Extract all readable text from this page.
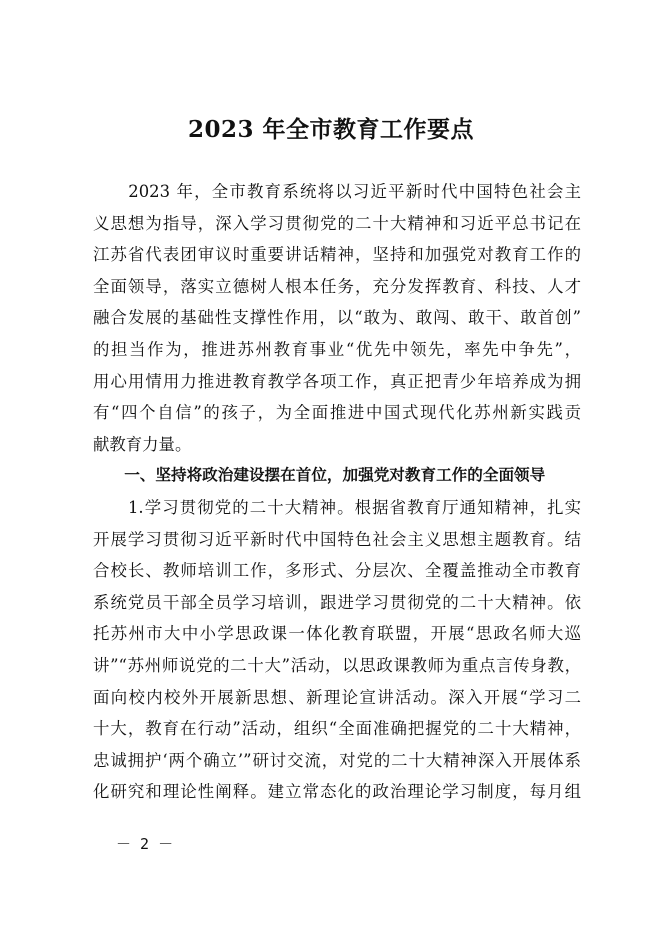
2023 年全市教育工作要点
　　2023 年，全市教育系统将以习近平新时代中国特色社会主
义思想为指导，深入学习贯彻党的二十大精神和习近平总书记在
江苏省代表团审议时重要讲话精神，坚持和加强党对教育工作的
全面领导，落实立德树人根本任务，充分发挥教育、科技、人才
融合发展的基础性支撑性作用，以“敢为、敢闯、敢干、敢首创”
的担当作为，推进苏州教育事业“优先中领先，率先中争先”，
用心用情用力推进教育教学各项工作，真正把青少年培养成为拥
有“四个自信”的孩子，为全面推进中国式现代化苏州新实践贡
献教育力量。
　　一、坚持将政治建设摆在首位，加强党对教育工作的全面领导
　　1.学习贯彻党的二十大精神。根据省教育厅通知精神，扎实
开展学习贯彻习近平新时代中国特色社会主义思想主题教育。结
合校长、教师培训工作，多形式、分层次、全覆盖推动全市教育
系统党员干部全员学习培训，跟进学习贯彻党的二十大精神。依
托苏州市大中小学思政课一体化教育联盟，开展“思政名师大巡
讲”“苏州师说党的二十大”活动，以思政课教师为重点言传身教，
面向校内校外开展新思想、新理论宣讲活动。深入开展“学习二
十大，教育在行动”活动，组织“全面准确把握党的二十大精神，
忠诚拥护‘两个确立’”研讨交流，对党的二十大精神深入开展体系
化研究和理论性阐释。建立常态化的政治理论学习制度，每月组
－ 2 －
